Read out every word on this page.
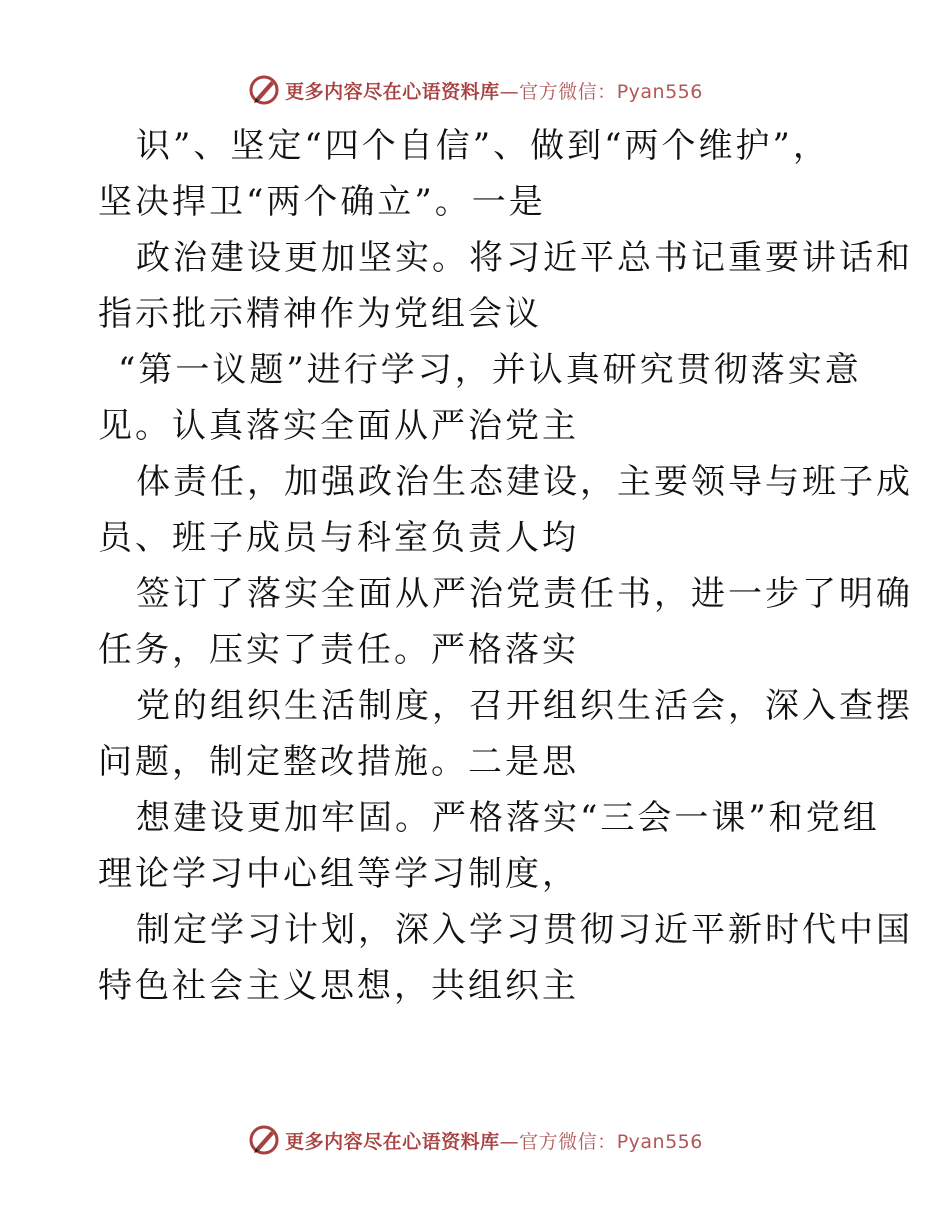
更多内容尽在心语资料库—官方微信：Pyan556
识”、坚定“四个自信”、做到“两个维护”，
坚决捍卫“两个确立”。一是
政治建设更加坚实。将习近平总书记重要讲话和
指示批示精神作为党组会议
“第一议题”进行学习，并认真研究贯彻落实意
见。认真落实全面从严治党主
体责任，加强政治生态建设，主要领导与班子成
员、班子成员与科室负责人均
签订了落实全面从严治党责任书，进一步了明确
任务，压实了责任。严格落实
党的组织生活制度，召开组织生活会，深入查摆
问题，制定整改措施。二是思
想建设更加牢固。严格落实“三会一课”和党组
理论学习中心组等学习制度，
制定学习计划，深入学习贯彻习近平新时代中国
特色社会主义思想，共组织主
更多内容尽在心语资料库—官方微信：Pyan556
